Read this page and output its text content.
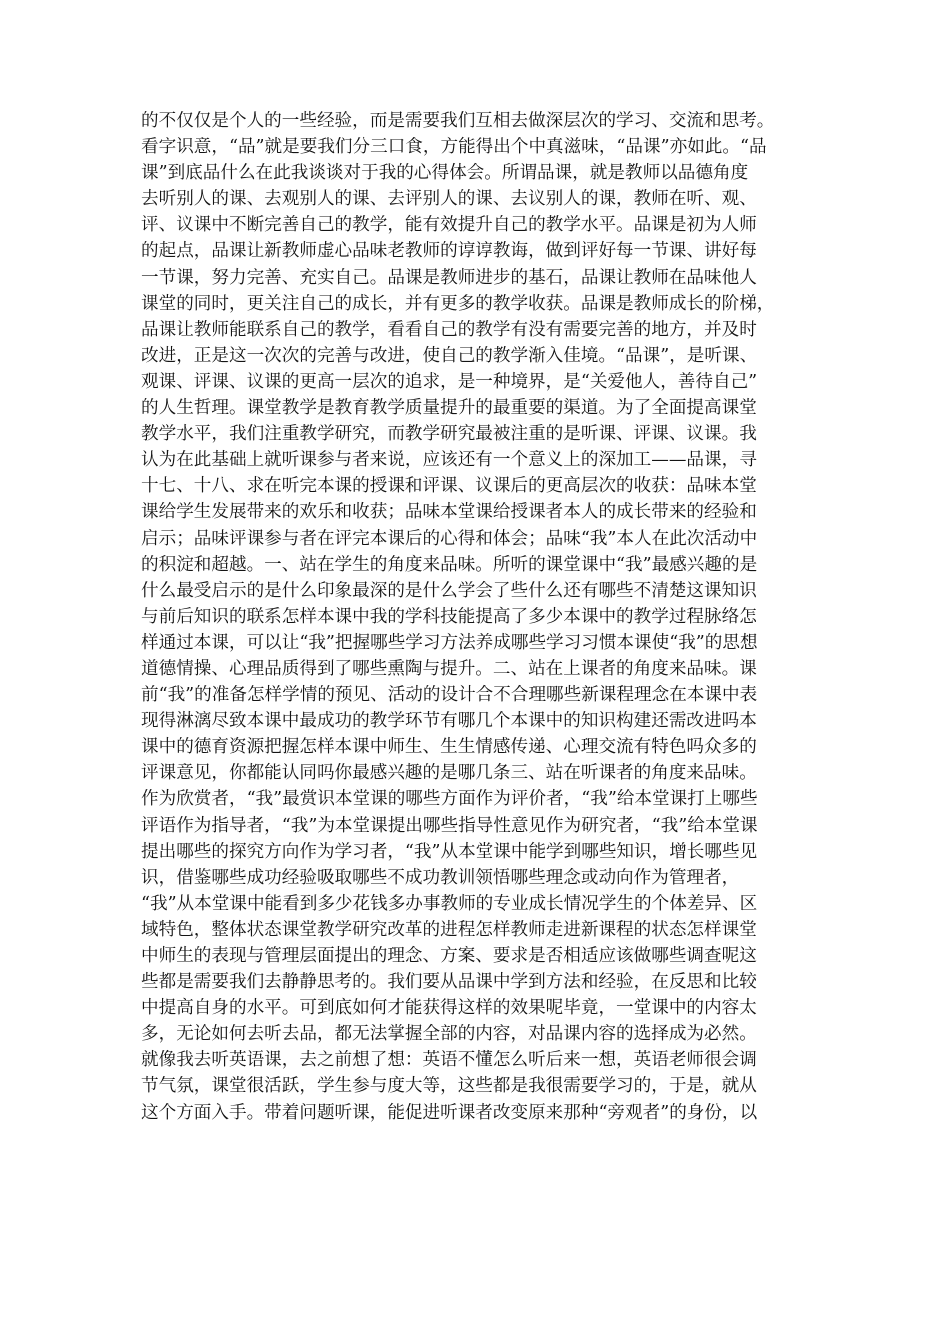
的不仅仅是个人的一些经验，而是需要我们互相去做深层次的学习、交流和思考。
看字识意，“品”就是要我们分三口食，方能得出个中真滋味，“品课”亦如此。“品
课”到底品什么在此我谈谈对于我的心得体会。所谓品课，就是教师以品德角度
去听别人的课、去观别人的课、去评别人的课、去议别人的课，教师在听、观、
评、议课中不断完善自己的教学，能有效提升自己的教学水平。品课是初为人师
的起点，品课让新教师虚心品味老教师的谆谆教诲，做到评好每一节课、讲好每
一节课，努力完善、充实自己。品课是教师进步的基石，品课让教师在品味他人
课堂的同时，更关注自己的成长，并有更多的教学收获。品课是教师成长的阶梯，
品课让教师能联系自己的教学，看看自己的教学有没有需要完善的地方，并及时
改进，正是这一次次的完善与改进，使自己的教学渐入佳境。“品课”，是听课、
观课、评课、议课的更高一层次的追求，是一种境界，是“关爱他人，善待自己”
的人生哲理。课堂教学是教育教学质量提升的最重要的渠道。为了全面提高课堂
教学水平，我们注重教学研究，而教学研究最被注重的是听课、评课、议课。我
认为在此基础上就听课参与者来说，应该还有一个意义上的深加工——品课，寻
十七、十八、求在听完本课的授课和评课、议课后的更高层次的收获：品味本堂
课给学生发展带来的欢乐和收获；品味本堂课给授课者本人的成长带来的经验和
启示；品味评课参与者在评完本课后的心得和体会；品味“我”本人在此次活动中
的积淀和超越。一、站在学生的角度来品味。所听的课堂课中“我”最感兴趣的是
什么最受启示的是什么印象最深的是什么学会了些什么还有哪些不清楚这课知识
与前后知识的联系怎样本课中我的学科技能提高了多少本课中的教学过程脉络怎
样通过本课，可以让“我”把握哪些学习方法养成哪些学习习惯本课使“我”的思想
道德情操、心理品质得到了哪些熏陶与提升。二、站在上课者的角度来品味。课
前“我”的准备怎样学情的预见、活动的设计合不合理哪些新课程理念在本课中表
现得淋漓尽致本课中最成功的教学环节有哪几个本课中的知识构建还需改进吗本
课中的德育资源把握怎样本课中师生、生生情感传递、心理交流有特色吗众多的
评课意见，你都能认同吗你最感兴趣的是哪几条三、站在听课者的角度来品味。
作为欣赏者，“我”最赏识本堂课的哪些方面作为评价者，“我”给本堂课打上哪些
评语作为指导者，“我”为本堂课提出哪些指导性意见作为研究者，“我”给本堂课
提出哪些的探究方向作为学习者，“我”从本堂课中能学到哪些知识，增长哪些见
识，借鉴哪些成功经验吸取哪些不成功教训领悟哪些理念或动向作为管理者，
“我”从本堂课中能看到多少花钱多办事教师的专业成长情况学生的个体差异、区
域特色，整体状态课堂教学研究改革的进程怎样教师走进新课程的状态怎样课堂
中师生的表现与管理层面提出的理念、方案、要求是否相适应该做哪些调查呢这
些都是需要我们去静静思考的。我们要从品课中学到方法和经验，在反思和比较
中提高自身的水平。可到底如何才能获得这样的效果呢毕竟，一堂课中的内容太
多，无论如何去听去品，都无法掌握全部的内容，对品课内容的选择成为必然。
就像我去听英语课，去之前想了想：英语不懂怎么听后来一想，英语老师很会调
节气氛，课堂很活跃，学生参与度大等，这些都是我很需要学习的，于是，就从
这个方面入手。带着问题听课，能促进听课者改变原来那种“旁观者”的身份，以
